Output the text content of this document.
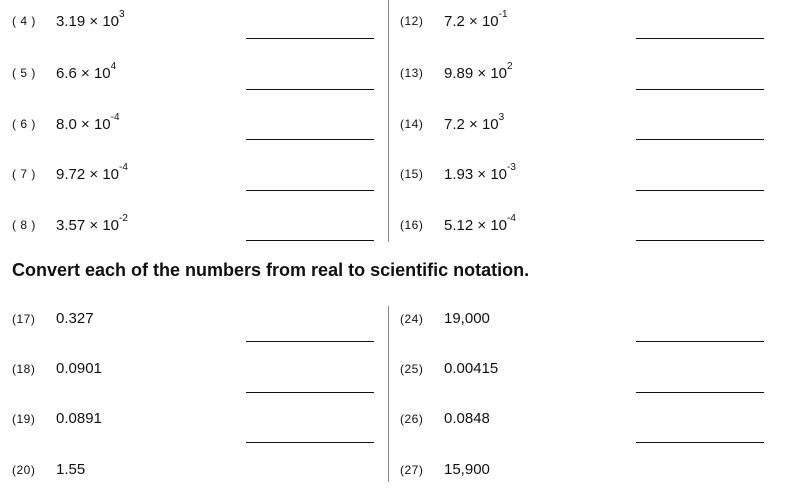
( 4 ) $3.19 \times 10^3$
( 5 ) $6.6 \times 10^4$
( 6 ) $8.0 \times 10^{-4}$
( 7 ) $9.72 \times 10^{-4}$
( 8 ) $3.57 \times 10^{-2}$
(12) $7.2 \times 10^{-1}$
(13) $9.89 \times 10^2$
(14) $7.2 \times 10^3$
(15) $1.93 \times 10^{-3}$
(16) $5.12 \times 10^{-4}$
Convert each of the numbers from real to scientific notation.
(17) 0.327
(18) 0.0901
(19) 0.0891
(20) 1.55
(24) 19,000
(25) 0.00415
(26) 0.0848
(27) 15,900
